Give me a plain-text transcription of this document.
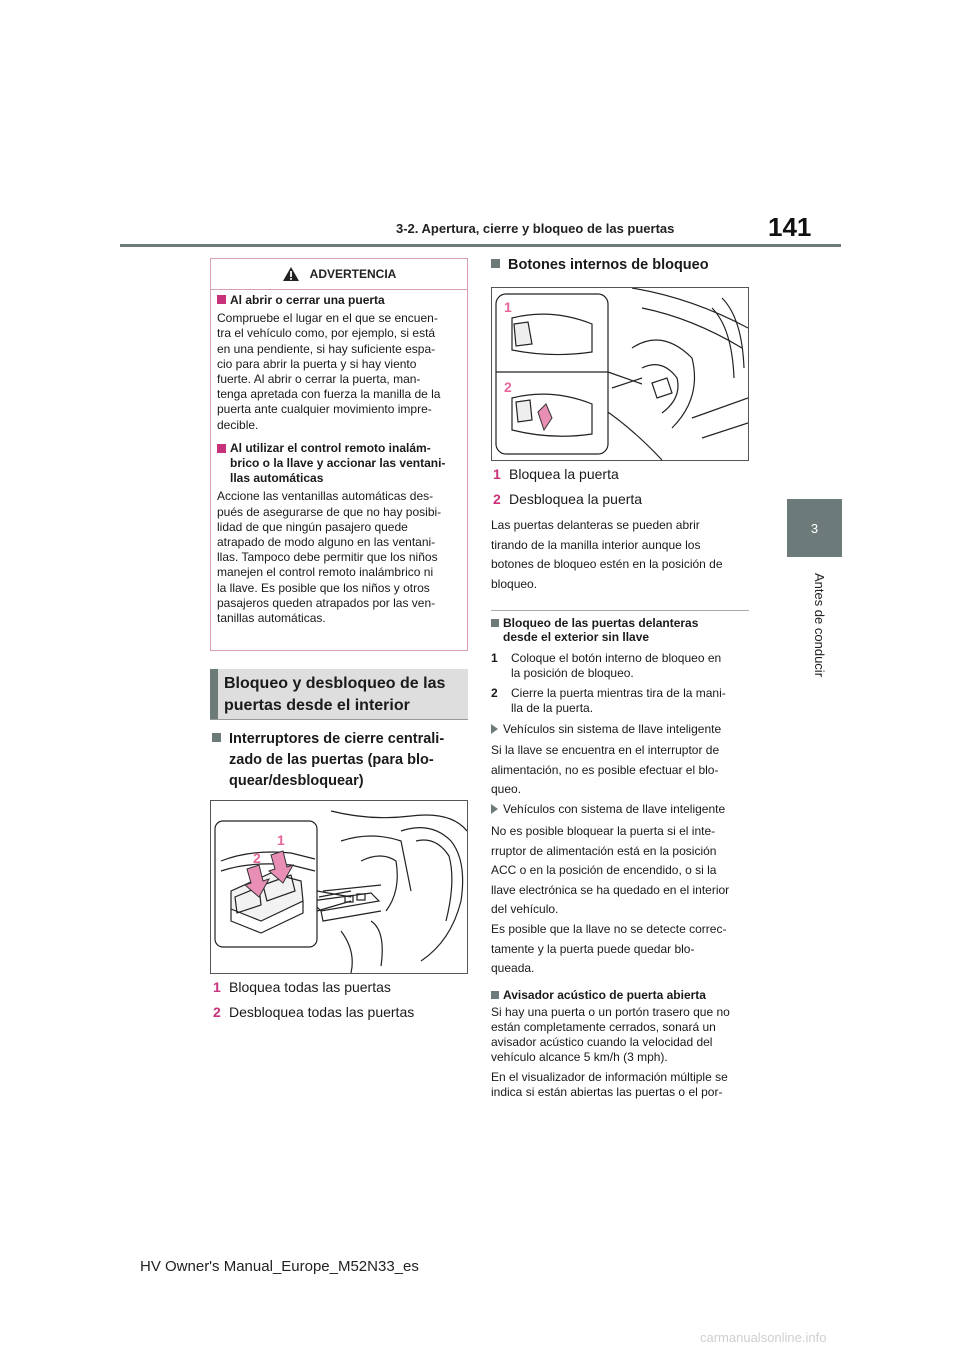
3-2. Apertura, cierre y bloqueo de las puertas	141
3
Antes de conducir
ADVERTENCIA
Al abrir o cerrar una puerta
Compruebe el lugar en el que se encuen-
tra el vehículo como, por ejemplo, si está
en una pendiente, si hay suficiente espa-
cio para abrir la puerta y si hay viento
fuerte. Al abrir o cerrar la puerta, man-
tenga apretada con fuerza la manilla de la
puerta ante cualquier movimiento impre-
decible.
Al utilizar el control remoto inalám-
brico o la llave y accionar las ventani-
llas automáticas
Accione las ventanillas automáticas des-
pués de asegurarse de que no hay posibi-
lidad de que ningún pasajero quede
atrapado de modo alguno en las ventani-
llas. Tampoco debe permitir que los niños
manejen el control remoto inalámbrico ni
la llave. Es posible que los niños y otros
pasajeros queden atrapados por las ven-
tanillas automáticas.
Bloqueo y desbloqueo de las
puertas desde el interior
Interruptores de cierre centrali-
zado de las puertas (para blo-
quear/desbloquear)
2
1
1 Bloquea todas las puertas
2 Desbloquea todas las puertas
Botones internos de bloqueo
1
2
1 Bloquea la puerta
2 Desbloquea la puerta
Las puertas delanteras se pueden abrir
tirando de la manilla interior aunque los
botones de bloqueo estén en la posición de
bloqueo.
Bloqueo de las puertas delanteras
desde el exterior sin llave
1	Coloque el botón interno de bloqueo en
la posición de bloqueo.
2	Cierre la puerta mientras tira de la mani-
lla de la puerta.
Vehículos sin sistema de llave inteligente
Si la llave se encuentra en el interruptor de
alimentación, no es posible efectuar el blo-
queo.
Vehículos con sistema de llave inteligente
No es posible bloquear la puerta si el inte-
rruptor de alimentación está en la posición
ACC o en la posición de encendido, o si la
llave electrónica se ha quedado en el interior
del vehículo.
Es posible que la llave no se detecte correc-
tamente y la puerta puede quedar blo-
queada.
Avisador acústico de puerta abierta
Si hay una puerta o un portón trasero que no
están completamente cerrados, sonará un
avisador acústico cuando la velocidad del
vehículo alcance 5 km/h (3 mph).
En el visualizador de información múltiple se
indica si están abiertas las puertas o el por-
HV Owner's Manual_Europe_M52N33_es
carmanualsonline.info
